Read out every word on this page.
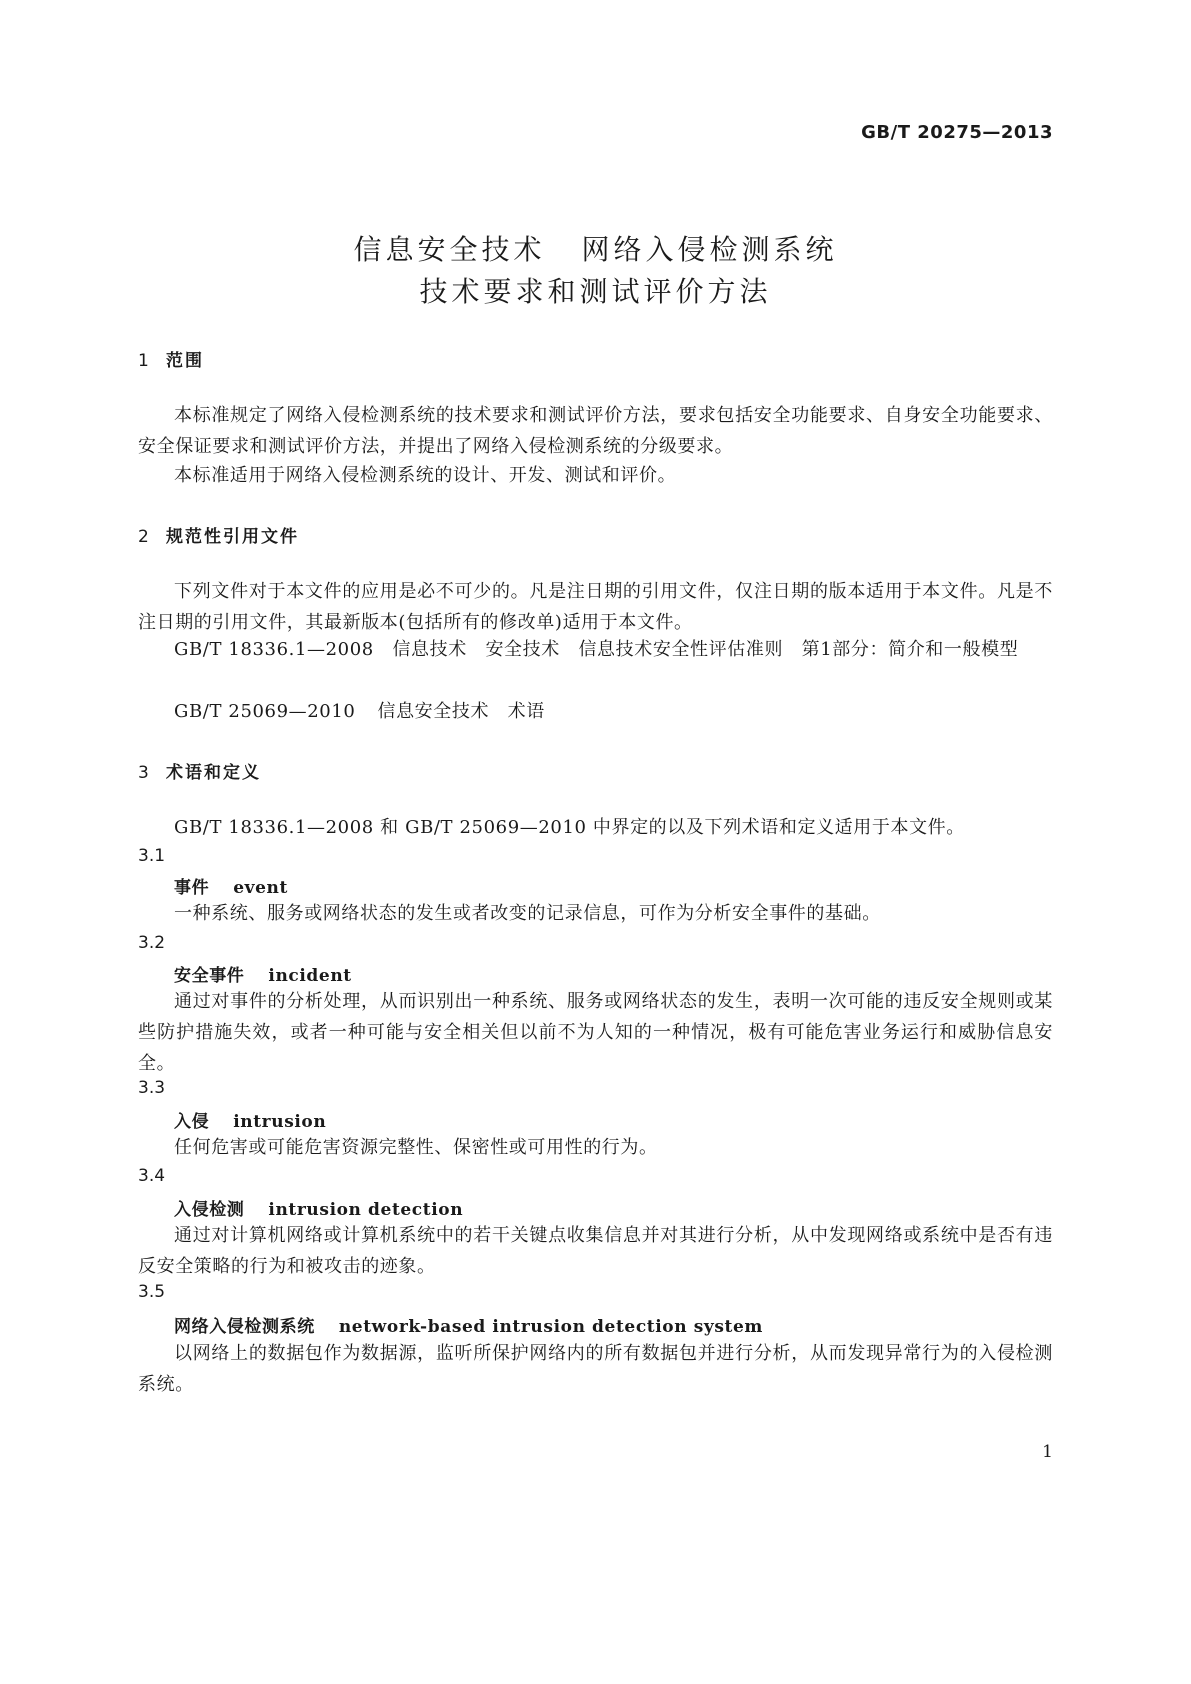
GB/T 20275—2013
信息安全技术 网络入侵检测系统
技术要求和测试评价方法
1 范围
本标准规定了网络入侵检测系统的技术要求和测试评价方法，要求包括安全功能要求、自身安全功能要求、安全保证要求和测试评价方法，并提出了网络入侵检测系统的分级要求。
本标准适用于网络入侵检测系统的设计、开发、测试和评价。
2 规范性引用文件
下列文件对于本文件的应用是必不可少的。凡是注日期的引用文件，仅注日期的版本适用于本文件。凡是不注日期的引用文件，其最新版本(包括所有的修改单)适用于本文件。
GB/T 18336.1—2008　 信息技术　安全技术　信息技术安全性评估准则　第1部分：简介和一般模型
GB/T 25069—2010 信息安全技术　术语
3 术语和定义
GB/T 18336.1—2008 和 GB/T 25069—2010 中界定的以及下列术语和定义适用于本文件。
3.1
事件 event
一种系统、服务或网络状态的发生或者改变的记录信息，可作为分析安全事件的基础。
3.2
安全事件 incident
通过对事件的分析处理，从而识别出一种系统、服务或网络状态的发生，表明一次可能的违反安全规则或某些防护措施失效，或者一种可能与安全相关但以前不为人知的一种情况，极有可能危害业务运行和威胁信息安全。
3.3
入侵 intrusion
任何危害或可能危害资源完整性、保密性或可用性的行为。
3.4
入侵检测 intrusion detection
通过对计算机网络或计算机系统中的若干关键点收集信息并对其进行分析，从中发现网络或系统中是否有违反安全策略的行为和被攻击的迹象。
3.5
网络入侵检测系统 network-based intrusion detection system
以网络上的数据包作为数据源，监听所保护网络内的所有数据包并进行分析，从而发现异常行为的入侵检测系统。
1
